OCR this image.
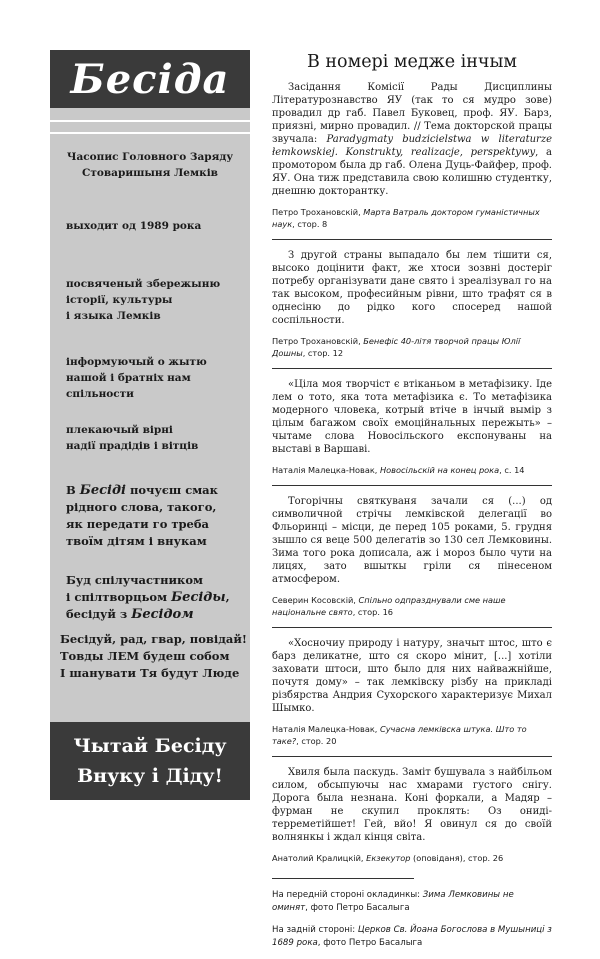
Бесіда
Часопис Головного Заряду
Стоваришыня Лемків
выходит од 1989 рока
посвяченый збережыню
історії, культуры
і языка Лемків
інформуючый о жытю
нашой і братніх нам
спільности
плекаючый вірні
надії прадідів і вітців
В Бесіді почуєш смак
рідного слова, такого,
як передати го треба
твоїм дітям і внукам
Буд спілучастником
і спілтворцьом Бесіды,
бесідуй з Бесідом
Бесідуй, рад, гвар, повідай!
Товды ЛЕМ будеш собом
І шанувати Тя будут Люде
Чытай Бесіду
Внуку і Діду!
В номері медже інчым

Засідання Комісії Рады Дисциплины Літературознавство ЯУ (так то ся мудро зове) провадил др габ. Павел Буковец, проф. ЯУ. Барз, приязні, мирно провадил. // Тема докторской працы звучала: Paradygmaty budzicielstwa w literaturze łemkowskiej. Konstrukty, realizacje, perspektywy, а промотором была др габ. Олена Дуць-Файфер, проф. ЯУ. Она тиж представила свою колишню студентку, днешню докторантку.

Петро Трохановскій, Марта Ватраль доктором гуманістичных наук, стор. 8

З другой страны выпадало бы лем тішити ся, высоко доцінити факт, же хтоси зозвні достеріг потребу організувати дане свято і зреалізувал го на так высоком, професийным рівни, што трафят ся в однесіню до рідко кого спосеред нашой соспільности.

Петро Трохановскій, Бенефіс 40-літя творчой працы Юлії Дошны, стор. 12

«Ціла моя творчіст є втіканьом в метафізику. Іде лем о тото, яка тота метафізика є. То метафізика модерного чловека, котрый втіче в інчый вымір з цілым багажом своїх емоційнальных пережыть» – чытаме слова Новосільского експонуваны на выставі в Варшаві.

Наталія Малецка-Новак, Новосільскій на конец рока, с. 14

Тогорічны святкуваня зачали ся (...) од символичной стрічы лемківской делегації во Фльоринці – місци, де перед 105 роками, 5. грудня зышло ся веце 500 делегатів зо 130 сел Лемковины. Зима того рока дописала, аж і мороз было чути на лицях, зато вшыткы гріли ся пінесеном атмосфером.

Северин Косовскій, Спільно одпразднували сме наше національне свято, стор. 16

«Хосночиу природу і натуру, значыт штос, што є барз деликатне, што ся скоро мінит, [...] хотіли заховати штоси, што было для них найважнійше, почутя дому» – так лемківску різбу на прикладі різбярства Андрия Сухорского характеризує Михал Шымко.

Наталія Малецка-Новак, Сучасна лемківска штука. Што то таке?, стор. 20

Хвиля была паскудь. Заміт бушувала з найбільом силом, обсыпуючы нас хмарами густого снігу. Дорога была незнана. Коні форкали, а Мадяр – фурман не скупил проклять: Оз ониді- терреметійшет! Гей, вйо! Я овинул ся до своїй волнянкы і ждал кінця світа.

Анатолий Кралицкій, Екзекутор (оповіданя), стор. 26

На передній стороні окладинкы: Зима Лемковины не оминят, фото Петро Басалыга

На задній стороні: Церков Св. Йоана Богослова в Мушыниці з 1689 рока, фото Петро Басалыга
